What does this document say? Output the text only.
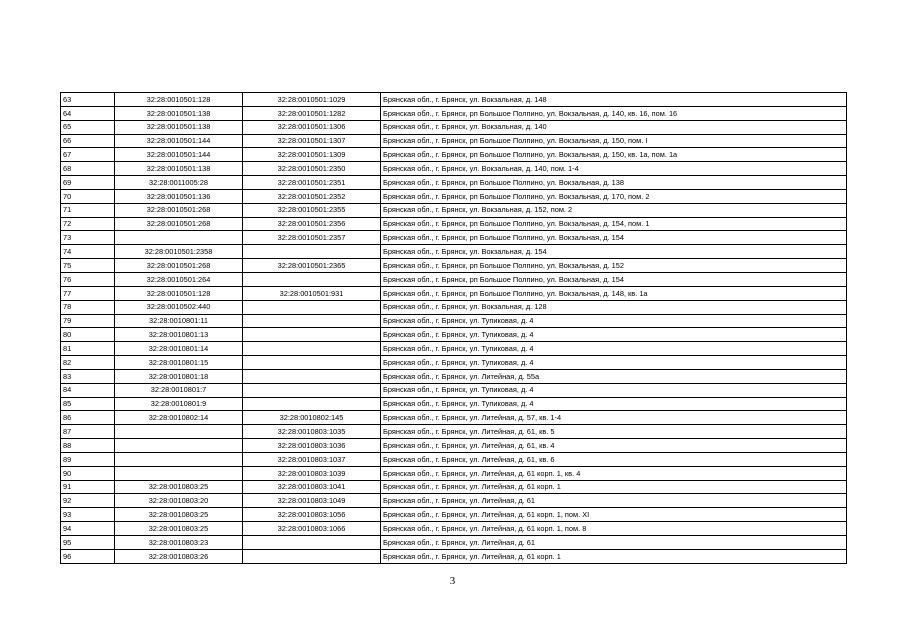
63	32:28:0010501:128	32:28:0010501:1029	Брянская обл., г. Брянск, ул. Вокзальная, д. 148
64	32:28:0010501:138	32:28:0010501:1282	Брянская обл., г. Брянск, рп Большое Полпино, ул. Вокзальная, д. 140, кв. 16, пом. 16
65	32:28:0010501:138	32:28:0010501:1306	Брянская обл., г. Брянск, ул. Вокзальная, д. 140
66	32:28:0010501:144	32:28:0010501:1307	Брянская обл., г. Брянск, рп Большое Полпино, ул. Вокзальная, д. 150, пом. I
67	32:28:0010501:144	32:28:0010501:1309	Брянская обл., г. Брянск, рп Большое Полпино, ул. Вокзальная, д. 150, кв. 1а, пом. 1а
68	32:28:0010501:138	32:28:0010501:2350	Брянская обл., г. Брянск, ул. Вокзальная, д. 140, пом. 1-4
69	32:28:0011005:28	32:28:0010501:2351	Брянская обл., г. Брянск, рп Большое Полпино, ул. Вокзальная, д. 138
70	32:28:0010501:136	32:28:0010501:2352	Брянская обл., г. Брянск, рп Большое Полпино, ул. Вокзальная, д. 170, пом. 2
71	32:28:0010501:268	32:28:0010501:2355	Брянская обл., г. Брянск, ул. Вокзальная, д. 152, пом. 2
72	32:28:0010501:268	32:28:0010501:2356	Брянская обл., г. Брянск, рп Большое Полпино, ул. Вокзальная, д. 154, пом. 1
73		32:28:0010501:2357	Брянская обл., г. Брянск, рп Большое Полпино, ул. Вокзальная, д. 154
74	32:28:0010501:2358		Брянская обл., г. Брянск, ул. Вокзальная, д. 154
75	32:28:0010501:268	32:28:0010501:2365	Брянская обл., г. Брянск, рп Большое Полпино, ул. Вокзальная, д. 152
76	32:28:0010501:264		Брянская обл., г. Брянск, рп Большое Полпино, ул. Вокзальная, д. 154
77	32:28:0010501:128	32:28:0010501:931	Брянская обл., г. Брянск, рп Большое Полпино, ул. Вокзальная, д. 148, кв. 1а
78	32:28:0010502:440		Брянская обл., г. Брянск, ул. Вокзальная, д. 128
79	32:28:0010801:11		Брянская обл., г. Брянск, ул. Тупиковая, д. 4
80	32:28:0010801:13		Брянская обл., г. Брянск, ул. Тупиковая, д. 4
81	32:28:0010801:14		Брянская обл., г. Брянск, ул. Тупиковая, д. 4
82	32:28:0010801:15		Брянская обл., г. Брянск, ул. Тупиковая, д. 4
83	32:28:0010801:18		Брянская обл., г. Брянск, ул. Литейная, д. 55а
84	32:28:0010801:7		Брянская обл., г. Брянск, ул. Тупиковая, д. 4
85	32:28:0010801:9		Брянская обл., г. Брянск, ул. Тупиковая, д. 4
86	32:28:0010802:14	32:28:0010802:145	Брянская обл., г. Брянск, ул. Литейная, д. 57, кв. 1-4
87		32:28:0010803:1035	Брянская обл., г. Брянск, ул. Литейная, д. 61, кв. 5
88		32:28:0010803:1036	Брянская обл., г. Брянск, ул. Литейная, д. 61, кв. 4
89		32:28:0010803:1037	Брянская обл., г. Брянск, ул. Литейная, д. 61, кв. 6
90		32:28:0010803:1039	Брянская обл., г. Брянск, ул. Литейная, д. 61 корп. 1, кв. 4
91	32:28:0010803:25	32:28:0010803:1041	Брянская обл., г. Брянск, ул. Литейная, д. 61 корп. 1
92	32:28:0010803:20	32:28:0010803:1049	Брянская обл., г. Брянск, ул. Литейная, д. 61
93	32:28:0010803:25	32:28:0010803:1056	Брянская обл., г. Брянск, ул. Литейная, д. 61 корп. 1, пом. XI
94	32:28:0010803:25	32:28:0010803:1066	Брянская обл., г. Брянск, ул. Литейная, д. 61 корп. 1, пом. 8
95	32:28:0010803:23		Брянская обл., г. Брянск, ул. Литейная, д. 61
96	32:28:0010803:26		Брянская обл., г. Брянск, ул. Литейная, д. 61 корп. 1
3
